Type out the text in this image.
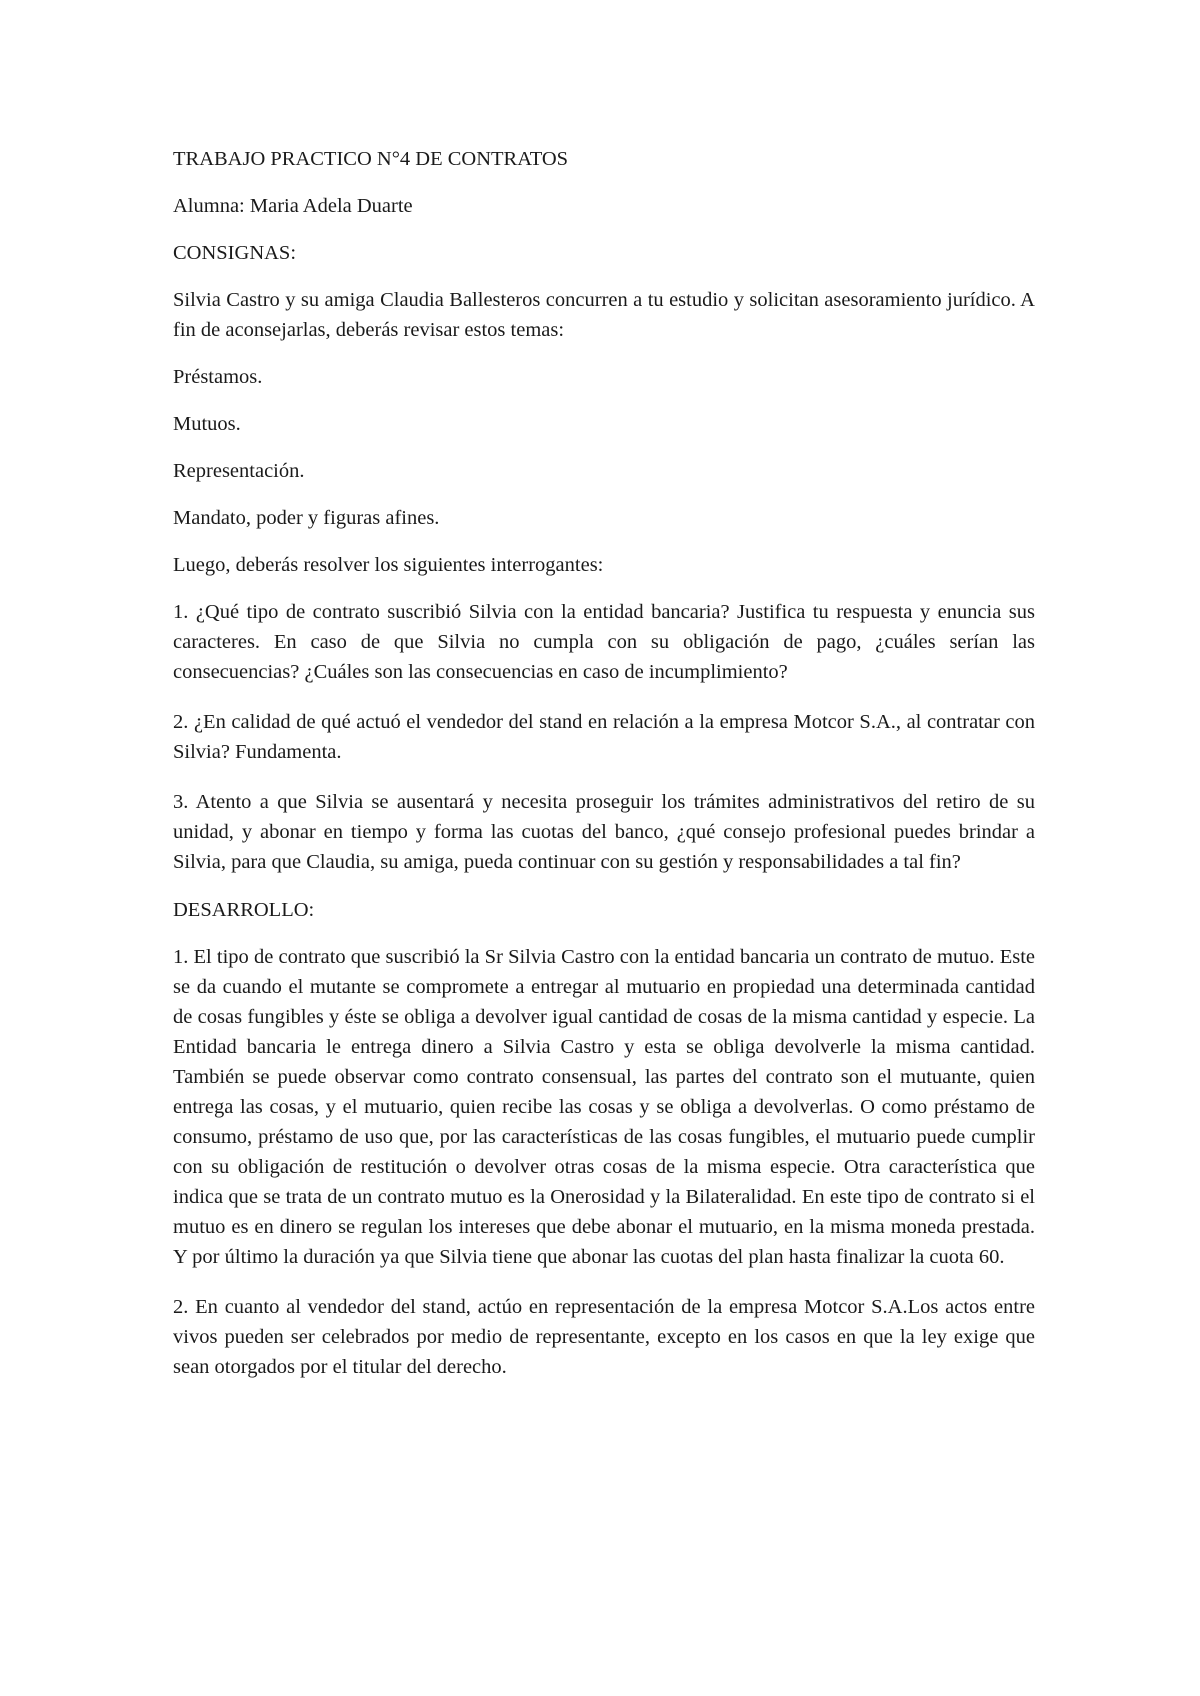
TRABAJO PRACTICO N°4 DE CONTRATOS

Alumna: Maria Adela Duarte

CONSIGNAS:

Silvia Castro y su amiga Claudia Ballesteros concurren a tu estudio y solicitan asesoramiento jurídico. A fin de aconsejarlas, deberás revisar estos temas:

Préstamos.

Mutuos.

Representación.

Mandato, poder y figuras afines.

Luego, deberás resolver los siguientes interrogantes:

1. ¿Qué tipo de contrato suscribió Silvia con la entidad bancaria? Justifica tu respuesta y enuncia sus caracteres. En caso de que Silvia no cumpla con su obligación de pago, ¿cuáles serían las consecuencias? ¿Cuáles son las consecuencias en caso de incumplimiento?

2. ¿En calidad de qué actuó el vendedor del stand en relación a la empresa Motcor S.A., al contratar con Silvia? Fundamenta.

3. Atento a que Silvia se ausentará y necesita proseguir los trámites administrativos del retiro de su unidad, y abonar en tiempo y forma las cuotas del banco, ¿qué consejo profesional puedes brindar a Silvia, para que Claudia, su amiga, pueda continuar con su gestión y responsabilidades a tal fin?

DESARROLLO:

1. El tipo de contrato que suscribió la Sr Silvia Castro con la entidad bancaria un contrato de mutuo. Este se da cuando el mutante se compromete a entregar al mutuario en propiedad una determinada cantidad de cosas fungibles y éste se obliga a devolver igual cantidad de cosas de la misma cantidad y especie. La Entidad bancaria le entrega dinero a Silvia Castro y esta se obliga devolverle la misma cantidad. También se puede observar como contrato consensual, las partes del contrato son el mutuante, quien entrega las cosas, y el mutuario, quien recibe las cosas y se obliga a devolverlas. O como préstamo de consumo, préstamo de uso que, por las características de las cosas fungibles, el mutuario puede cumplir con su obligación de restitución o devolver otras cosas de la misma especie. Otra característica que indica que se trata de un contrato mutuo es la Onerosidad y la Bilateralidad. En este tipo de contrato si el mutuo es en dinero se regulan los intereses que debe abonar el mutuario, en la misma moneda prestada. Y por último la duración ya que Silvia tiene que abonar las cuotas del plan hasta finalizar la cuota 60.

2. En cuanto al vendedor del stand, actúo en representación de la empresa Motcor S.A.Los actos entre vivos pueden ser celebrados por medio de representante, excepto en los casos en que la ley exige que sean otorgados por el titular del derecho.
